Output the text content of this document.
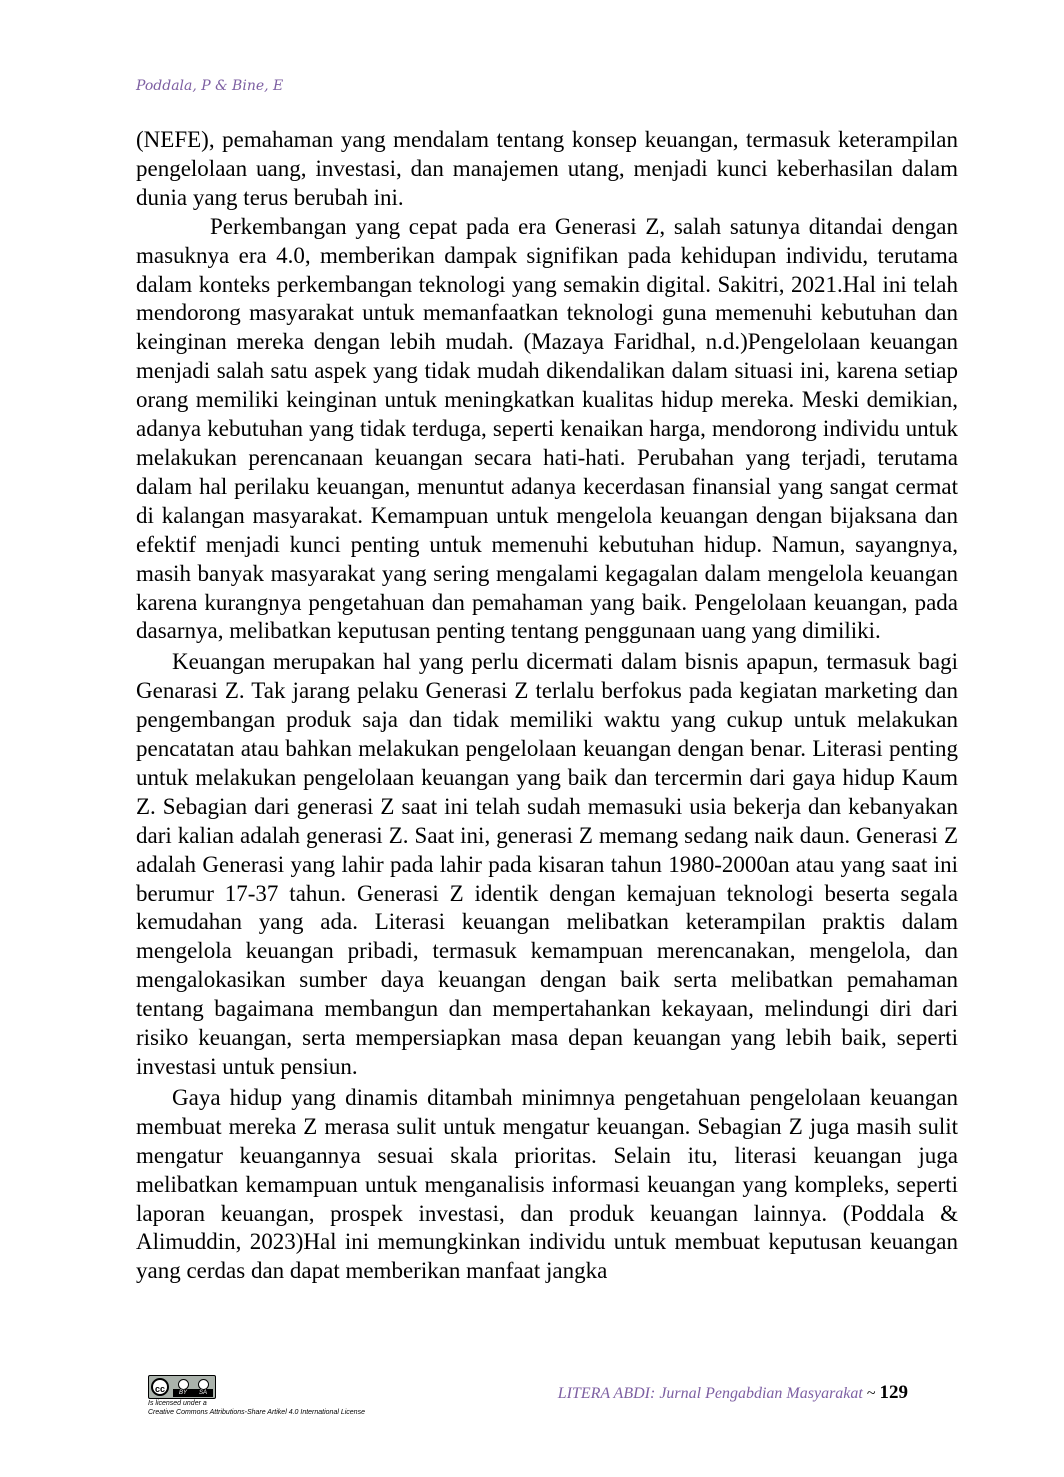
Poddala, P & Bine, E

(NEFE), pemahaman yang mendalam tentang konsep keuangan, termasuk keterampilan pengelolaan uang, investasi, dan manajemen utang, menjadi kunci keberhasilan dalam dunia yang terus berubah ini.

Perkembangan yang cepat pada era Generasi Z, salah satunya ditandai dengan masuknya era 4.0, memberikan dampak signifikan pada kehidupan individu, terutama dalam konteks perkembangan teknologi yang semakin digital. Sakitri, 2021.Hal ini telah mendorong masyarakat untuk memanfaatkan teknologi guna memenuhi kebutuhan dan keinginan mereka dengan lebih mudah. (Mazaya Faridhal, n.d.)Pengelolaan keuangan menjadi salah satu aspek yang tidak mudah dikendalikan dalam situasi ini, karena setiap orang memiliki keinginan untuk meningkatkan kualitas hidup mereka. Meski demikian, adanya kebutuhan yang tidak terduga, seperti kenaikan harga, mendorong individu untuk melakukan perencanaan keuangan secara hati-hati. Perubahan yang terjadi, terutama dalam hal perilaku keuangan, menuntut adanya kecerdasan finansial yang sangat cermat di kalangan masyarakat. Kemampuan untuk mengelola keuangan dengan bijaksana dan efektif menjadi kunci penting untuk memenuhi kebutuhan hidup. Namun, sayangnya, masih banyak masyarakat yang sering mengalami kegagalan dalam mengelola keuangan karena kurangnya pengetahuan dan pemahaman yang baik. Pengelolaan keuangan, pada dasarnya, melibatkan keputusan penting tentang penggunaan uang yang dimiliki.

Keuangan merupakan hal yang perlu dicermati dalam bisnis apapun, termasuk bagi Genarasi Z. Tak jarang pelaku Generasi Z terlalu berfokus pada kegiatan marketing dan pengembangan produk saja dan tidak memiliki waktu yang cukup untuk melakukan pencatatan atau bahkan melakukan pengelolaan keuangan dengan benar. Literasi penting untuk melakukan pengelolaan keuangan yang baik dan tercermin dari gaya hidup Kaum Z. Sebagian dari generasi Z saat ini telah sudah memasuki usia bekerja dan kebanyakan dari kalian adalah generasi Z. Saat ini, generasi Z memang sedang naik daun. Generasi Z adalah Generasi yang lahir pada lahir pada kisaran tahun 1980-2000an atau yang saat ini berumur 17-37 tahun. Generasi Z identik dengan kemajuan teknologi beserta segala kemudahan yang ada. Literasi keuangan melibatkan keterampilan praktis dalam mengelola keuangan pribadi, termasuk kemampuan merencanakan, mengelola, dan mengalokasikan sumber daya keuangan dengan baik serta melibatkan pemahaman tentang bagaimana membangun dan mempertahankan kekayaan, melindungi diri dari risiko keuangan, serta mempersiapkan masa depan keuangan yang lebih baik, seperti investasi untuk pensiun.

Gaya hidup yang dinamis ditambah minimnya pengetahuan pengelolaan keuangan membuat mereka Z merasa sulit untuk mengatur keuangan. Sebagian Z juga masih sulit mengatur keuangannya sesuai skala prioritas. Selain itu, literasi keuangan juga melibatkan kemampuan untuk menganalisis informasi keuangan yang kompleks, seperti laporan keuangan, prospek investasi, dan produk keuangan lainnya. (Poddala & Alimuddin, 2023)Hal ini memungkinkan individu untuk membuat keputusan keuangan yang cerdas dan dapat memberikan manfaat jangka

cc	BY SA
Is licensed under a
Creative Commons Attributions-Share Artikel 4.0 International License
LITERA ABDI: Jurnal Pengabdian Masyarakat ~ 129
